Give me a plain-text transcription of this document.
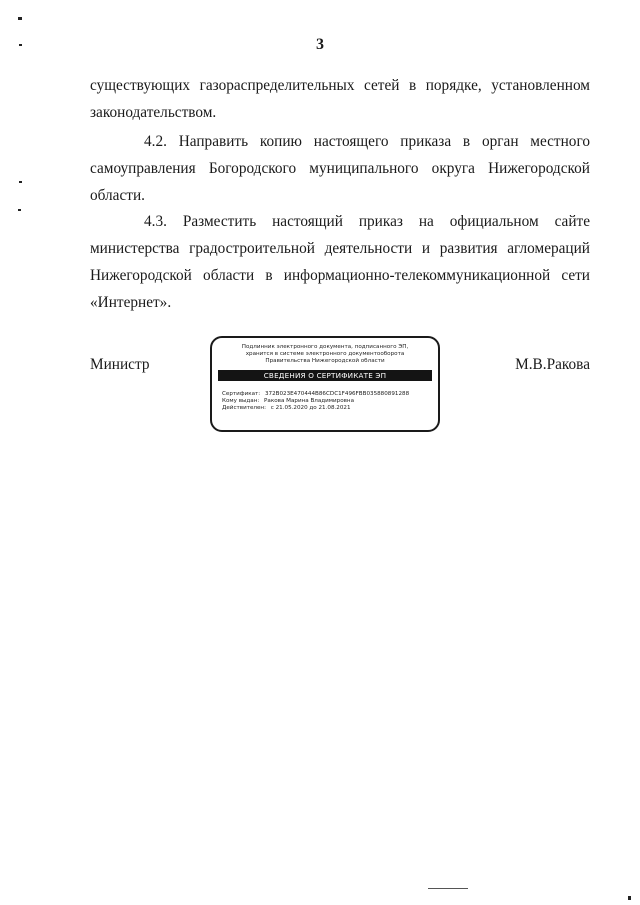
3

существующих газораспределительных сетей в порядке, установленном законодательством.

4.2. Направить копию настоящего приказа в орган местного самоуправления Богородского муниципального округа Нижегородской области.

4.3. Разместить настоящий приказ на официальном сайте министерства градостроительной деятельности и развития агломераций Нижегородской области в информационно-телекоммуникационной сети «Интернет».

Министр
Подлинник электронного документа, подписанного ЭП,
хранится в системе электронного документооборота
Правительства Нижегородской области
СВЕДЕНИЯ О СЕРТИФИКАТЕ ЭП
Сертификат: 372B023E470444B86CDC1F496FBB035880891288
Кому выдан: Ракова Марина Владимировна
Действителен: с 21.05.2020 до 21.08.2021
М.В.Ракова
